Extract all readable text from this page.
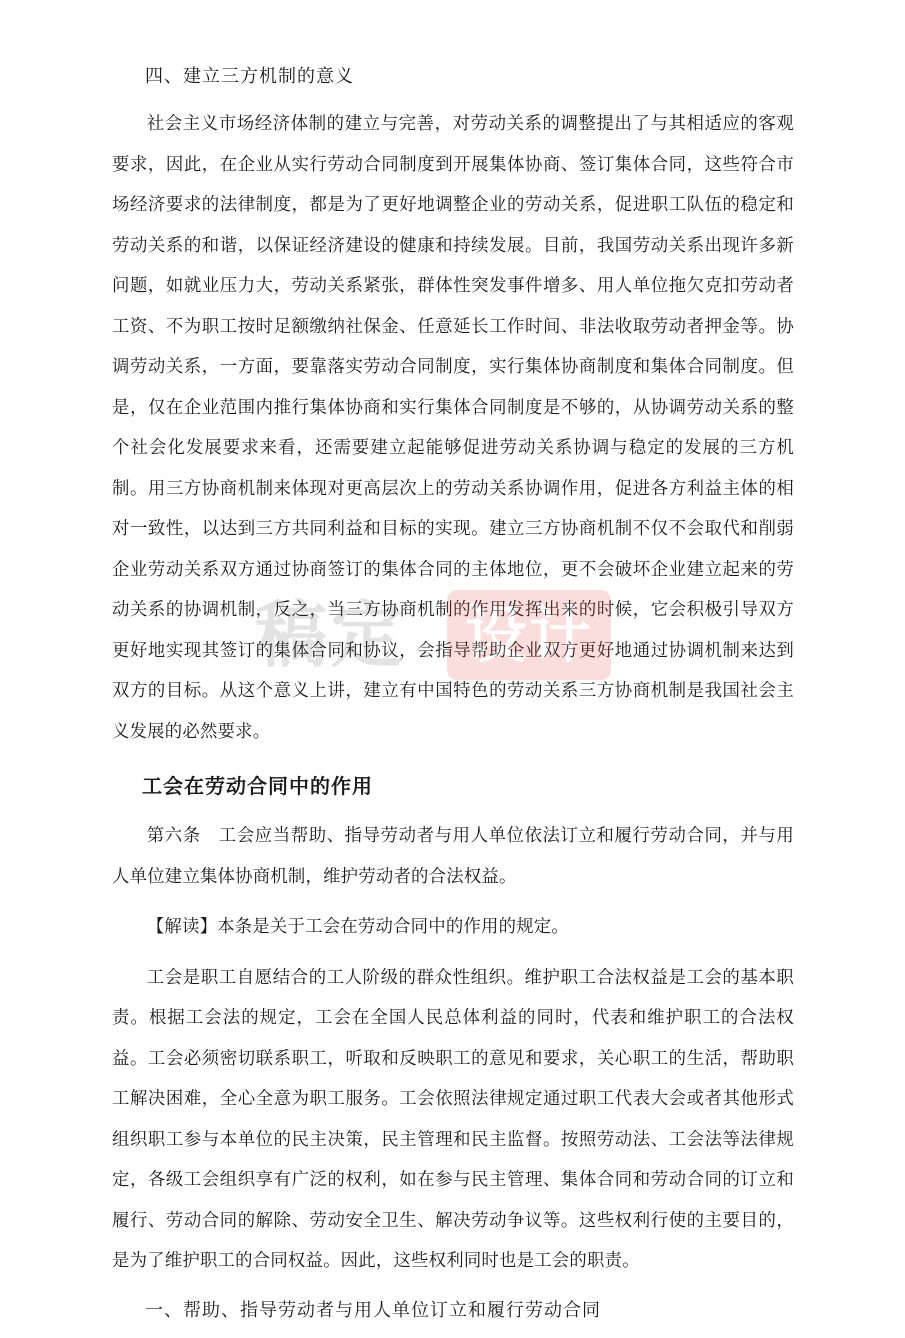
四、建立三方机制的意义

社会主义市场经济体制的建立与完善，对劳动关系的调整提出了与其相适应的客观要求，因此，在企业从实行劳动合同制度到开展集体协商、签订集体合同，这些符合市场经济要求的法律制度，都是为了更好地调整企业的劳动关系，促进职工队伍的稳定和劳动关系的和谐，以保证经济建设的健康和持续发展。目前，我国劳动关系出现许多新问题，如就业压力大，劳动关系紧张，群体性突发事件增多、用人单位拖欠克扣劳动者工资、不为职工按时足额缴纳社保金、任意延长工作时间、非法收取劳动者押金等。协调劳动关系，一方面，要靠落实劳动合同制度，实行集体协商制度和集体合同制度。但是，仅在企业范围内推行集体协商和实行集体合同制度是不够的，从协调劳动关系的整个社会化发展要求来看，还需要建立起能够促进劳动关系协调与稳定的发展的三方机制。用三方协商机制来体现对更高层次上的劳动关系协调作用，促进各方利益主体的相对一致性，以达到三方共同利益和目标的实现。建立三方协商机制不仅不会取代和削弱企业劳动关系双方通过协商签订的集体合同的主体地位，更不会破坏企业建立起来的劳动关系的协调机制，反之，当三方协商机制的作用发挥出来的时候，它会积极引导双方更好地实现其签订的集体合同和协议，会指导帮助企业双方更好地通过协调机制来达到双方的目标。从这个意义上讲，建立有中国特色的劳动关系三方协商机制是我国社会主义发展的必然要求。

工会在劳动合同中的作用

第六条　工会应当帮助、指导劳动者与用人单位依法订立和履行劳动合同，并与用人单位建立集体协商机制，维护劳动者的合法权益。

【解读】本条是关于工会在劳动合同中的作用的规定。

工会是职工自愿结合的工人阶级的群众性组织。维护职工合法权益是工会的基本职责。根据工会法的规定，工会在全国人民总体利益的同时，代表和维护职工的合法权益。工会必须密切联系职工，听取和反映职工的意见和要求，关心职工的生活，帮助职工解决困难，全心全意为职工服务。工会依照法律规定通过职工代表大会或者其他形式组织职工参与本单位的民主决策，民主管理和民主监督。按照劳动法、工会法等法律规定，各级工会组织享有广泛的权利，如在参与民主管理、集体合同和劳动合同的订立和履行、劳动合同的解除、劳动安全卫生、解决劳动争议等。这些权利行使的主要目的，是为了维护职工的合同权益。因此，这些权利同时也是工会的职责。

一、帮助、指导劳动者与用人单位订立和履行劳动合同
稿定 设计
